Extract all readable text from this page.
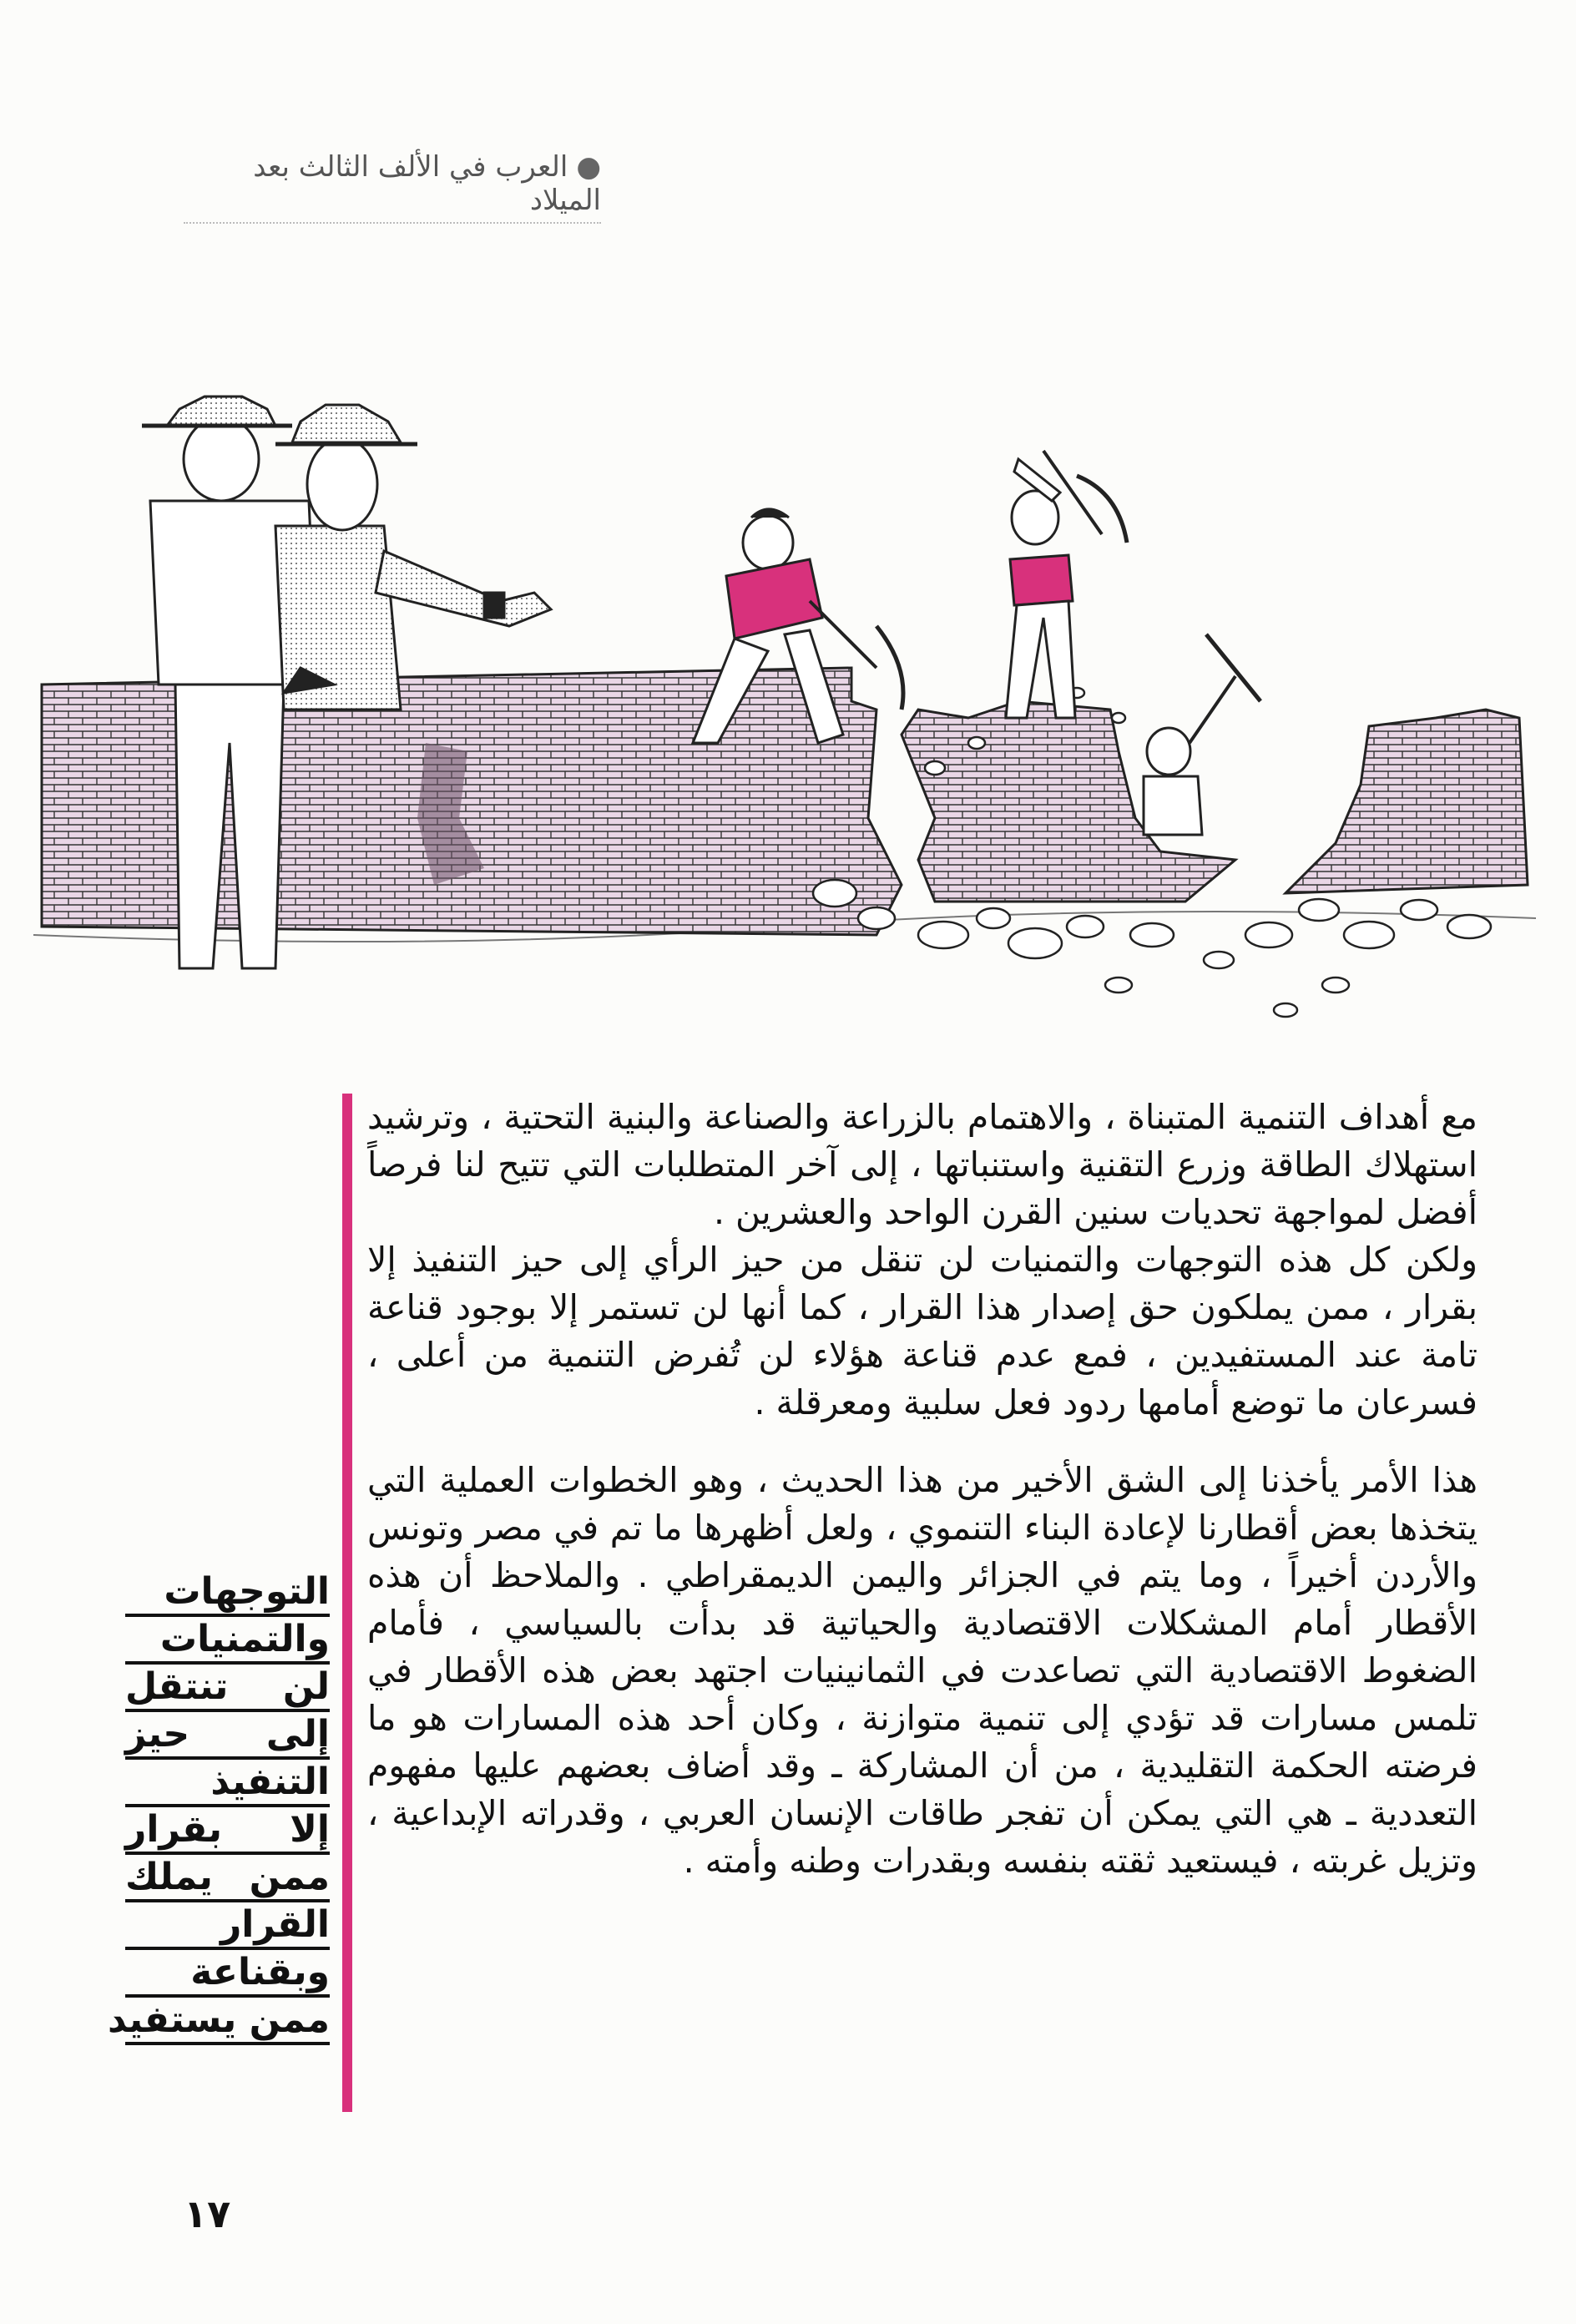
●العرب في الألف الثالث بعد الميلاد

مع أهداف التنمية المتبناة ، والاهتمام بالزراعة والصناعة والبنية التحتية ، وترشيد استهلاك الطاقة وزرع التقنية واستنباتها ، إلى آخر المتطلبات التي تتيح لنا فرصاً أفضل لمواجهة تحديات سنين القرن الواحد والعشرين .

ولكن كل هذه التوجهات والتمنيات لن تنقل من حيز الرأي إلى حيز التنفيذ إلا بقرار ، ممن يملكون حق إصدار هذا القرار ، كما أنها لن تستمر إلا بوجود قناعة تامة عند المستفيدين ، فمع عدم قناعة هؤلاء لن تُفرض التنمية من أعلى ، فسرعان ما توضع أمامها ردود فعل سلبية ومعرقلة .

هذا الأمر يأخذنا إلى الشق الأخير من هذا الحديث ، وهو الخطوات العملية التي يتخذها بعض أقطارنا لإعادة البناء التنموي ، ولعل أظهرها ما تم في مصر وتونس والأردن أخيراً ، وما يتم في الجزائر واليمن الديمقراطي . والملاحظ أن هذه الأقطار أمام المشكلات الاقتصادية والحياتية قد بدأت بالسياسي ، فأمام الضغوط الاقتصادية التي تصاعدت في الثمانينيات اجتهد بعض هذه الأقطار في تلمس مسارات قد تؤدي إلى تنمية متوازنة ، وكان أحد هذه المسارات هو ما فرضته الحكمة التقليدية ، من أن المشاركة ـ وقد أضاف بعضهم عليها مفهوم التعددية ـ هي التي يمكن أن تفجر طاقات الإنسان العربي ، وقدراته الإبداعية ، وتزيل غربته ، فيستعيد ثقته بنفسه وبقدرات وطنه وأمته .

التوجهات
والتمنيات
لن تنتقل
إلى حيز
التنفيذ
إلا بقرار
ممن يملك
القرار
وبقناعة
ممن يستفيد
١٧
